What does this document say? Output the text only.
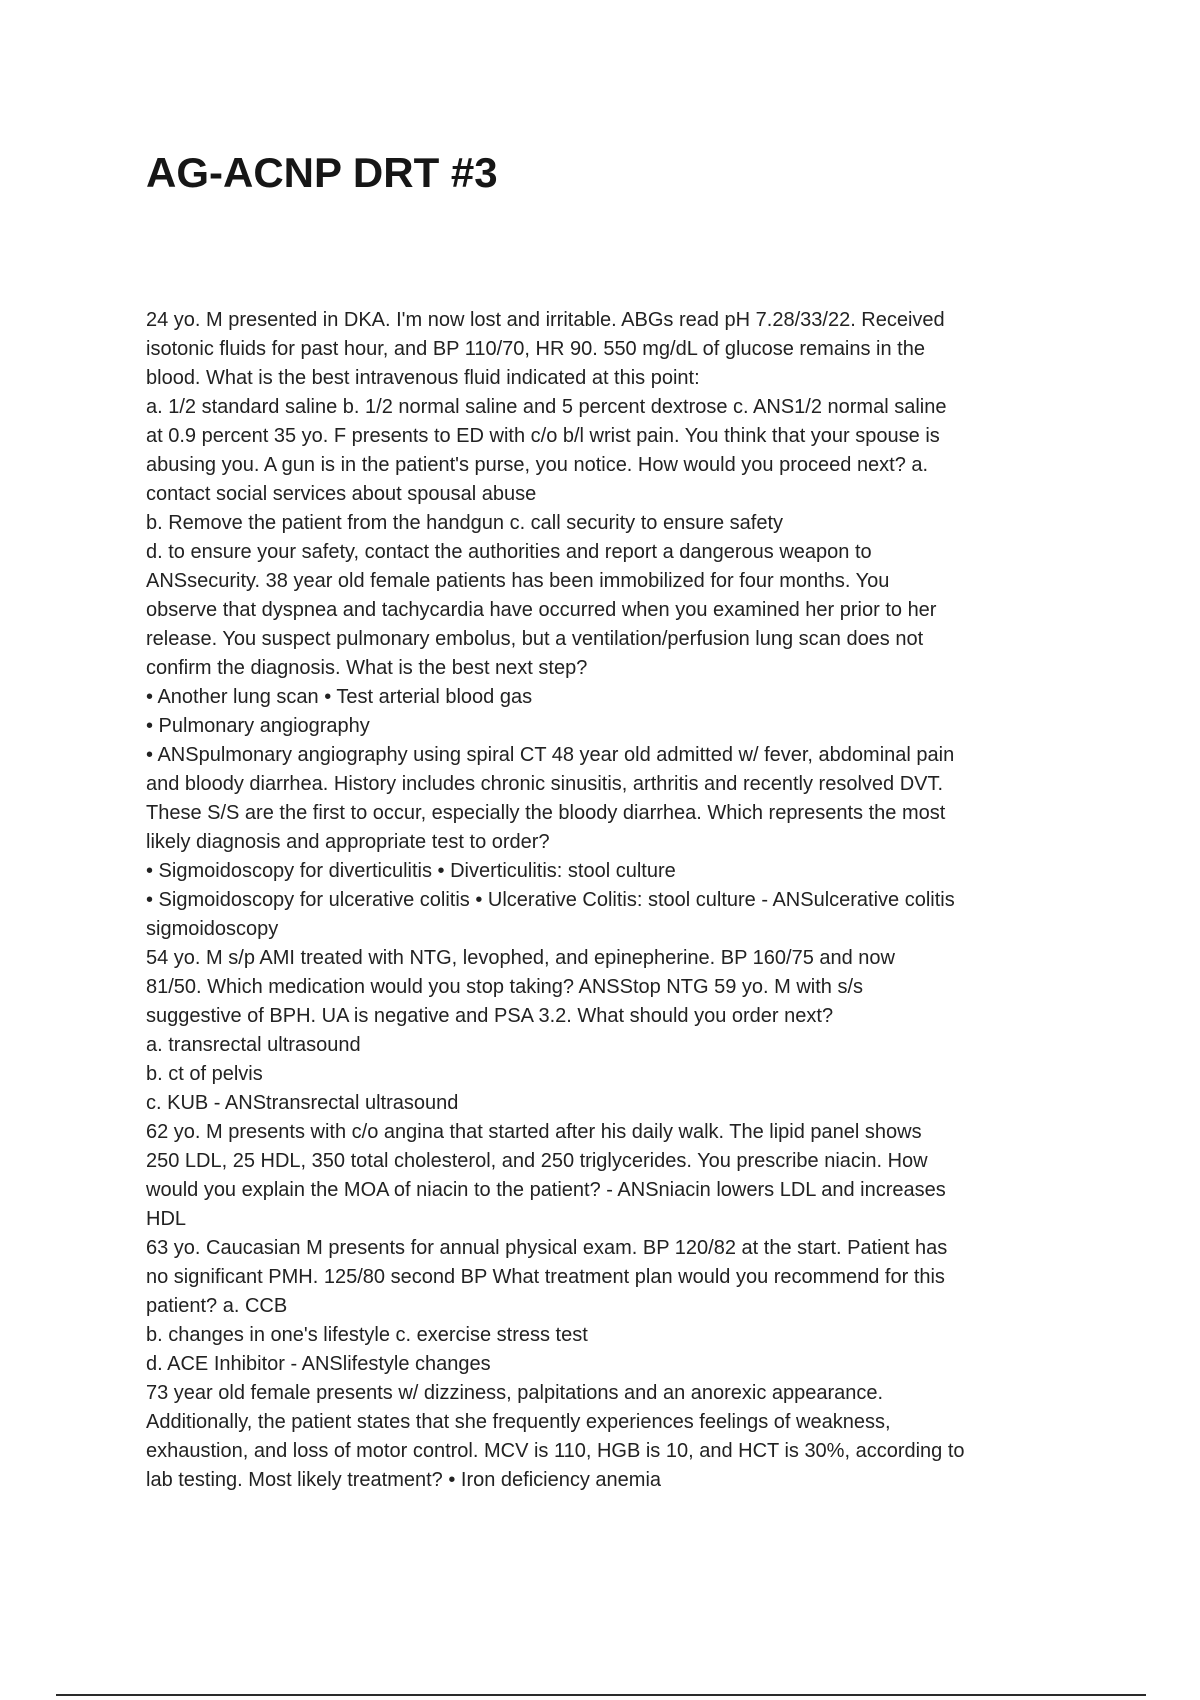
AG-ACNP DRT #3
24 yo. M presented in DKA. I'm now lost and irritable. ABGs read pH 7.28/33/22. Received
isotonic fluids for past hour, and BP 110/70, HR 90. 550 mg/dL of glucose remains in the
blood. What is the best intravenous fluid indicated at this point:
a. 1/2 standard saline b. 1/2 normal saline and 5 percent dextrose c. ANS1/2 normal saline
at 0.9 percent 35 yo. F presents to ED with c/o b/l wrist pain. You think that your spouse is
abusing you. A gun is in the patient's purse, you notice. How would you proceed next? a.
contact social services about spousal abuse
b. Remove the patient from the handgun c. call security to ensure safety
d. to ensure your safety, contact the authorities and report a dangerous weapon to
ANSsecurity. 38 year old female patients has been immobilized for four months. You
observe that dyspnea and tachycardia have occurred when you examined her prior to her
release. You suspect pulmonary embolus, but a ventilation/perfusion lung scan does not
confirm the diagnosis. What is the best next step?
• Another lung scan • Test arterial blood gas
• Pulmonary angiography
• ANSpulmonary angiography using spiral CT 48 year old admitted w/ fever, abdominal pain
and bloody diarrhea. History includes chronic sinusitis, arthritis and recently resolved DVT.
These S/S are the first to occur, especially the bloody diarrhea. Which represents the most
likely diagnosis and appropriate test to order?
• Sigmoidoscopy for diverticulitis • Diverticulitis: stool culture
• Sigmoidoscopy for ulcerative colitis • Ulcerative Colitis: stool culture - ANSulcerative colitis
sigmoidoscopy
54 yo. M s/p AMI treated with NTG, levophed, and epinepherine. BP 160/75 and now
81/50. Which medication would you stop taking? ANSStop NTG 59 yo. M with s/s
suggestive of BPH. UA is negative and PSA 3.2. What should you order next?
a. transrectal ultrasound
b. ct of pelvis
c. KUB - ANStransrectal ultrasound
62 yo. M presents with c/o angina that started after his daily walk. The lipid panel shows
250 LDL, 25 HDL, 350 total cholesterol, and 250 triglycerides. You prescribe niacin. How
would you explain the MOA of niacin to the patient? - ANSniacin lowers LDL and increases
HDL
63 yo. Caucasian M presents for annual physical exam. BP 120/82 at the start. Patient has
no significant PMH. 125/80 second BP What treatment plan would you recommend for this
patient? a. CCB
b. changes in one's lifestyle c. exercise stress test
d. ACE Inhibitor - ANSlifestyle changes
73 year old female presents w/ dizziness, palpitations and an anorexic appearance.
Additionally, the patient states that she frequently experiences feelings of weakness,
exhaustion, and loss of motor control. MCV is 110, HGB is 10, and HCT is 30%, according to
lab testing. Most likely treatment? • Iron deficiency anemia
